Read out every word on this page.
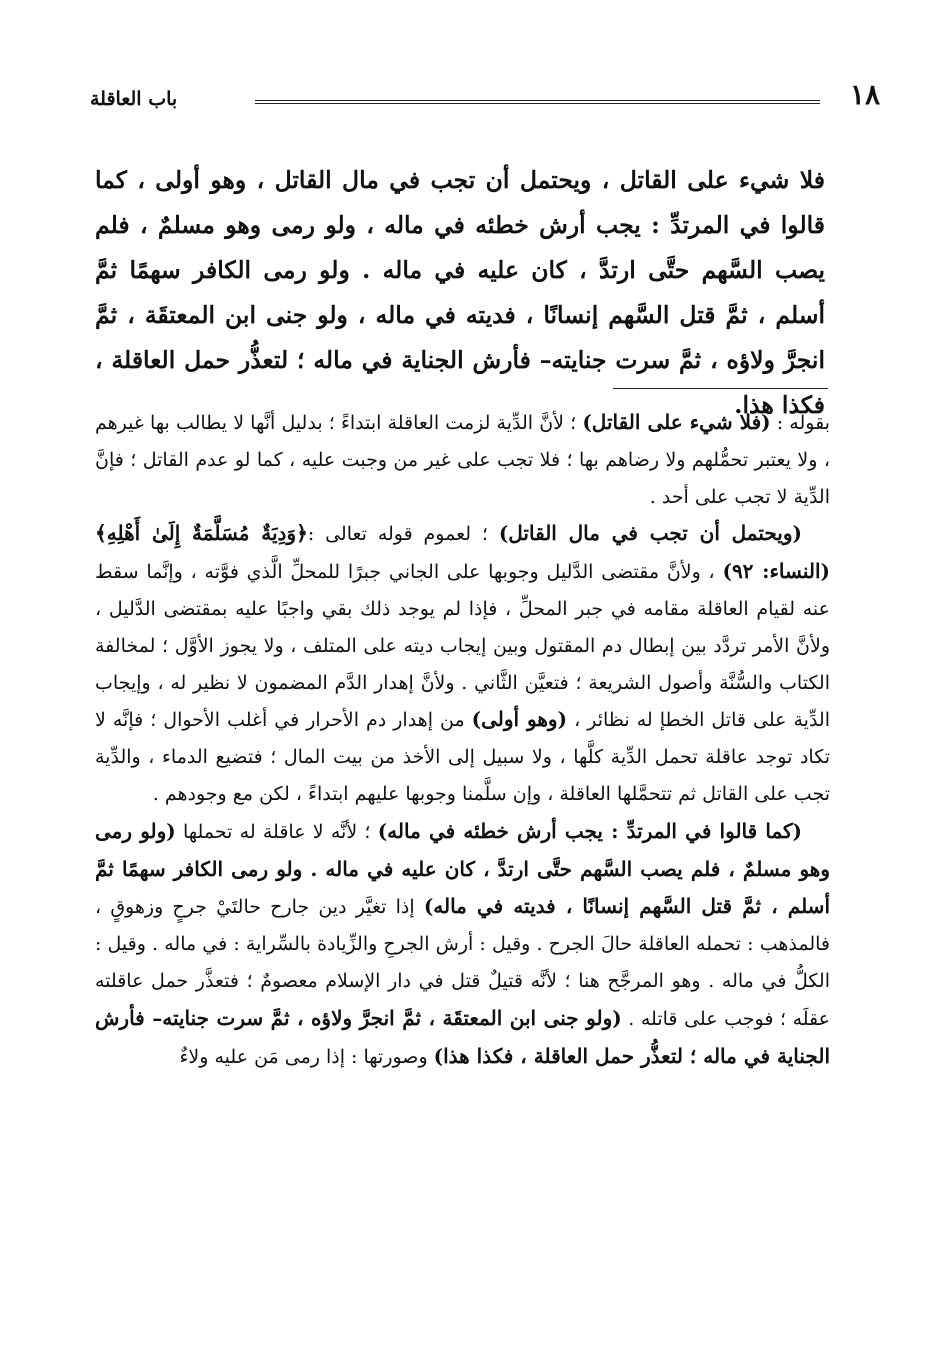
١٨
باب العاقلة
فلا شيء على القاتل ، ويحتمل أن تجب في مال القاتل ، وهو أولى ، كما قالوا في المرتدِّ : يجب أرش خطئه في ماله ، ولو رمى وهو مسلمٌ ، فلم يصب السَّهم حتَّى ارتدَّ ، كان عليه في ماله . ولو رمى الكافر سهمًا ثمَّ أسلم ، ثمَّ قتل السَّهم إنسانًا ، فديته في ماله ، ولو جنى ابن المعتقَة ، ثمَّ انجرَّ ولاؤه ، ثمَّ سرت جنايته– فأرش الجناية في ماله ؛ لتعذُّر حمل العاقلة ، فكذا هذا.

بقوله : (فلا شيء على القاتل) ؛ لأنَّ الدِّية لزمت العاقلة ابتداءً ؛ بدليل أنَّها لا يطالب بها غيرهم ، ولا يعتبر تحمُّلهم ولا رضاهم بها ؛ فلا تجب على غير من وجبت عليه ، كما لو عدم القاتل ؛ فإنَّ الدِّية لا تجب على أحد .

(ويحتمل أن تجب في مال القاتل) ؛ لعموم قوله تعالى :﴿وَدِيَةٌ مُسَلَّمَةٌ إِلَىٰ أَهْلِهِ﴾ (النساء: ٩٢) ، ولأنَّ مقتضى الدَّليل وجوبها على الجاني جبرًا للمحلِّ الَّذي فوَّته ، وإنَّما سقط عنه لقيام العاقلة مقامه في جبر المحلِّ ، فإذا لم يوجد ذلك بقي واجبًا عليه بمقتضى الدَّليل ، ولأنَّ الأمر تردَّد بين إبطال دم المقتول وبين إيجاب ديته على المتلف ، ولا يجوز الأوَّل ؛ لمخالفة الكتاب والسُّنَّة وأصول الشريعة ؛ فتعيَّن الثَّاني . ولأنَّ إهدار الدَّم المضمون لا نظير له ، وإيجاب الدِّية على قاتل الخطإ له نظائر ، (وهو أولى) من إهدار دم الأحرار في أغلب الأحوال ؛ فإنَّه لا تكاد توجد عاقلة تحمل الدِّية كلَّها ، ولا سبيل إلى الأخذ من بيت المال ؛ فتضيع الدماء ، والدِّية تجب على القاتل ثم تتحمَّلها العاقلة ، وإن سلَّمنا وجوبها عليهم ابتداءً ، لكن مع وجودهم .

(كما قالوا في المرتدِّ : يجب أرش خطئه في ماله) ؛ لأنَّه لا عاقلة له تحملها (ولو رمى وهو مسلمٌ ، فلم يصب السَّهم حتَّى ارتدَّ ، كان عليه في ماله . ولو رمى الكافر سهمًا ثمَّ أسلم ، ثمَّ قتل السَّهم إنسانًا ، فديته في ماله) إذا تغيَّر دين جارح حالتَيْ جرحٍ وزهوقٍ ، فالمذهب : تحمله العاقلة حالَ الجرح . وقيل : أرش الجرحِ والزِّيادة بالسِّراية : في ماله . وقيل : الكلُّ في ماله . وهو المرجَّح هنا ؛ لأنَّه قتيلٌ قتل في دار الإسلام معصومٌ ؛ فتعذَّر حمل عاقلته عقلَه ؛ فوجب على قاتله . (ولو جنى ابن المعتقَة ، ثمَّ انجرَّ ولاؤه ، ثمَّ سرت جنايته– فأرش الجناية في ماله ؛ لتعذُّر حمل العاقلة ، فكذا هذا) وصورتها : إذا رمى مَن عليه ولاءٌ
